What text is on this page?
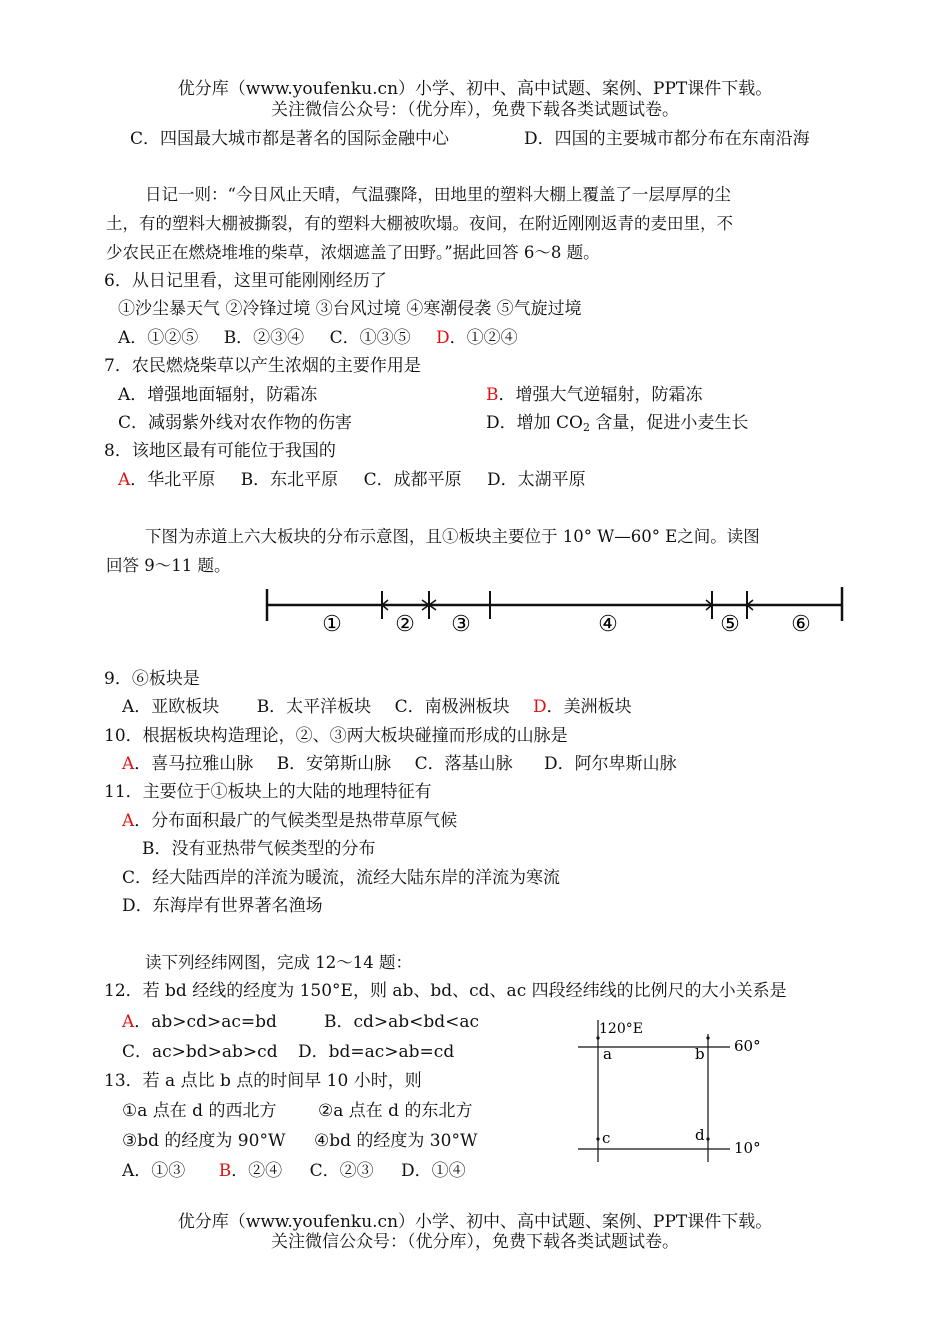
优分库（www.youfenku.cn）小学、初中、高中试题、案例、PPT课件下载。
关注微信公众号：（优分库），免费下载各类试题试卷。
C．四国最大城市都是著名的国际金融中心	D．四国的主要城市都分布在东南沿海
日记一则：“今日风止天晴，气温骤降，田地里的塑料大棚上覆盖了一层厚厚的尘
土，有的塑料大棚被撕裂，有的塑料大棚被吹塌。夜间，在附近刚刚返青的麦田里，不
少农民正在燃烧堆堆的柴草，浓烟遮盖了田野。”据此回答 6～8 题。
6．从日记里看，这里可能刚刚经历了
①沙尘暴天气 ②冷锋过境 ③台风过境 ④寒潮侵袭 ⑤气旋过境
A．①②⑤ B．②③④ C．①③⑤ D．①②④
7．农民燃烧柴草以产生浓烟的主要作用是
A．增强地面辐射，防霜冻	B．增强大气逆辐射，防霜冻
C．减弱紫外线对农作物的伤害	D．增加 $CO_2$ 含量，促进小麦生长
8．该地区最有可能位于我国的
A．华北平原 B．东北平原 C．成都平原 D．太湖平原
下图为赤道上六大板块的分布示意图，且①板块主要位于 10° W—60° E之间。读图
回答 9～11 题。
① ② ③	④	⑤ ⑥
9．⑥板块是
A．亚欧板块 B．太平洋板块 C．南极洲板块 D．美洲板块
10．根据板块构造理论，②、③两大板块碰撞而形成的山脉是
A．喜马拉雅山脉 B．安第斯山脉 C．落基山脉 D．阿尔卑斯山脉
11．主要位于①板块上的大陆的地理特征有
A．分布面积最广的气候类型是热带草原气候
B．没有亚热带气候类型的分布
C．经大陆西岸的洋流为暖流，流经大陆东岸的洋流为寒流
D．东海岸有世界著名渔场
读下列经纬网图，完成 12～14 题：
12．若 bd 经线的经度为 150°E，则 ab、bd、cd、ac 四段经纬线的比例尺的大小关系是
A．ab>cd>ac=bd	B．cd>ab<bd<ac
C．ac>bd>ab>cd D．bd=ac>ab=cd
13．若 a 点比 b 点的时间早 10 小时，则
①a 点在 d 的西北方 ②a 点在 d 的东北方
③bd 的经度为 90°W ④bd 的经度为 30°W
A．①③ B．②④ C．②③ D．①④
120°E
60°
10°
a	b
c	d
优分库（www.youfenku.cn）小学、初中、高中试题、案例、PPT课件下载。
关注微信公众号：（优分库），免费下载各类试题试卷。
